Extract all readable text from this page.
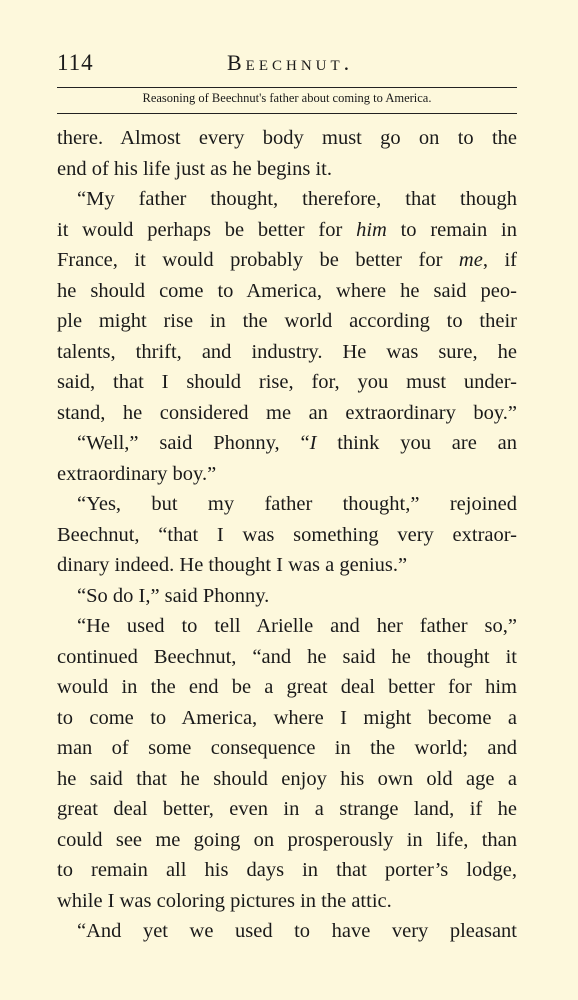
114	Beechnut.
Reasoning of Beechnut's father about coming to America.
there. Almost every body must go on to the
end of his life just as he begins it.
“My father thought, therefore, that though
it would perhaps be better for him to remain in
France, it would probably be better for me, if
he should come to America, where he said peo-
ple might rise in the world according to their
talents, thrift, and industry. He was sure, he
said, that I should rise, for, you must under-
stand, he considered me an extraordinary boy.”
“Well,” said Phonny, “I think you are an
extraordinary boy.”
“Yes, but my father thought,” rejoined
Beechnut, “that I was something very extraor-
dinary indeed. He thought I was a genius.”
“So do I,” said Phonny.
“He used to tell Arielle and her father so,”
continued Beechnut, “and he said he thought it
would in the end be a great deal better for him
to come to America, where I might become a
man of some consequence in the world; and
he said that he should enjoy his own old age a
great deal better, even in a strange land, if he
could see me going on prosperously in life, than
to remain all his days in that porter’s lodge,
while I was coloring pictures in the attic.
“And yet we used to have very pleasant
